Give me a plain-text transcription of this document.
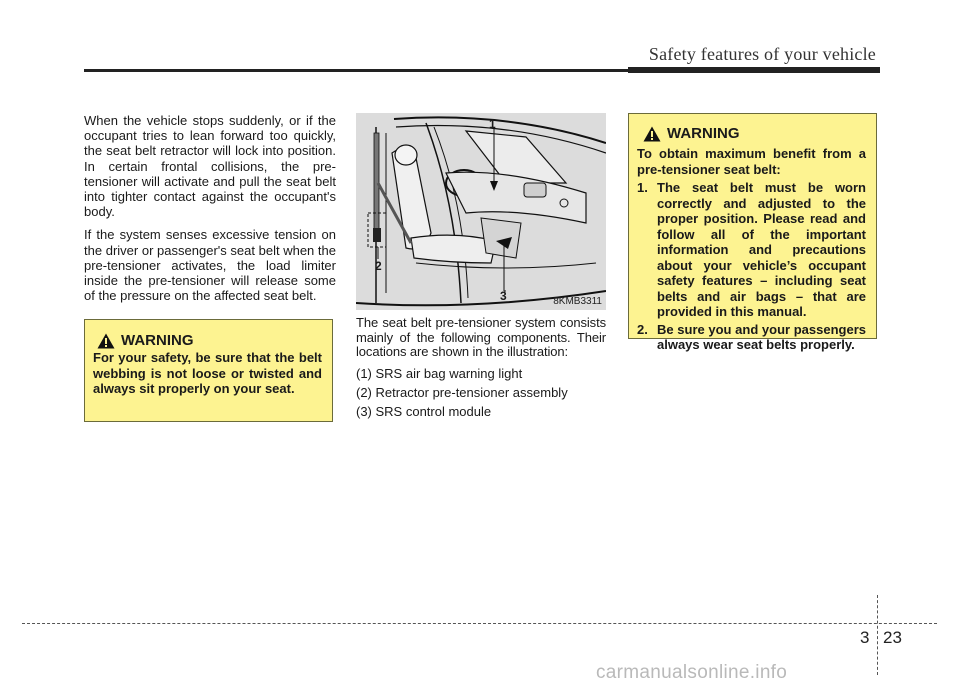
Safety features of your vehicle

When the vehicle stops suddenly, or if the occupant tries to lean forward too quickly, the seat belt retractor will lock into position. In certain frontal collisions, the pre-tensioner will activate and pull the seat belt into tighter contact against the occupant's body.

If the system senses excessive tension on the driver or passenger's seat belt when the pre-tensioner activates, the load limiter inside the pre-tensioner will release some of the pressure on the affected seat belt.

WARNING
For your safety, be sure that the belt webbing is not loose or twisted and always sit properly on your seat.
1
2
3	8KMB3311

The seat belt pre-tensioner system consists mainly of the following components. Their locations are shown in the illustration:

(1) SRS air bag warning light
(2) Retractor pre-tensioner assembly
(3) SRS control module
WARNING
To obtain maximum benefit from a pre-tensioner seat belt:
1. The seat belt must be worn correctly and adjusted to the proper position. Please read and follow all of the important information and precautions about your vehicle’s occupant safety features – including seat belts and air bags – that are provided in this manual.
2. Be sure you and your passengers always wear seat belts properly.
3 23
carmanualsonline.info
